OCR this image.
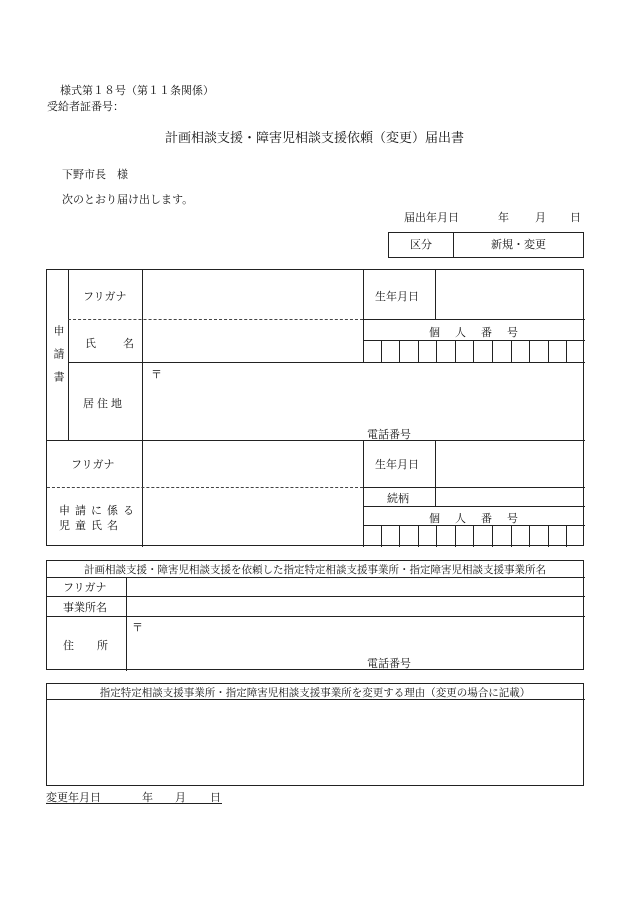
様式第１８号（第１１条関係）
受給者証番号：
計画相談支援・障害児相談支援依頼（変更）届出書
下野市長　様
次のとおり届け出します。
届出年月日	年 月 日
区分	新規・変更
申請書
フリガナ	生年月日
氏　名
個　人　番　号
〒
居住地
電話番号
フリガナ	生年月日
申請に係る
児童氏名
続柄
個　人　番　号
計画相談支援・障害児相談支援を依頼した指定特定相談支援事業所・指定障害児相談支援事業所名
フリガナ
事業所名
〒
住　所
電話番号
指定特定相談支援事業所・指定障害児相談支援事業所を変更する理由（変更の場合に記載）
変更年月日	年 月 日
